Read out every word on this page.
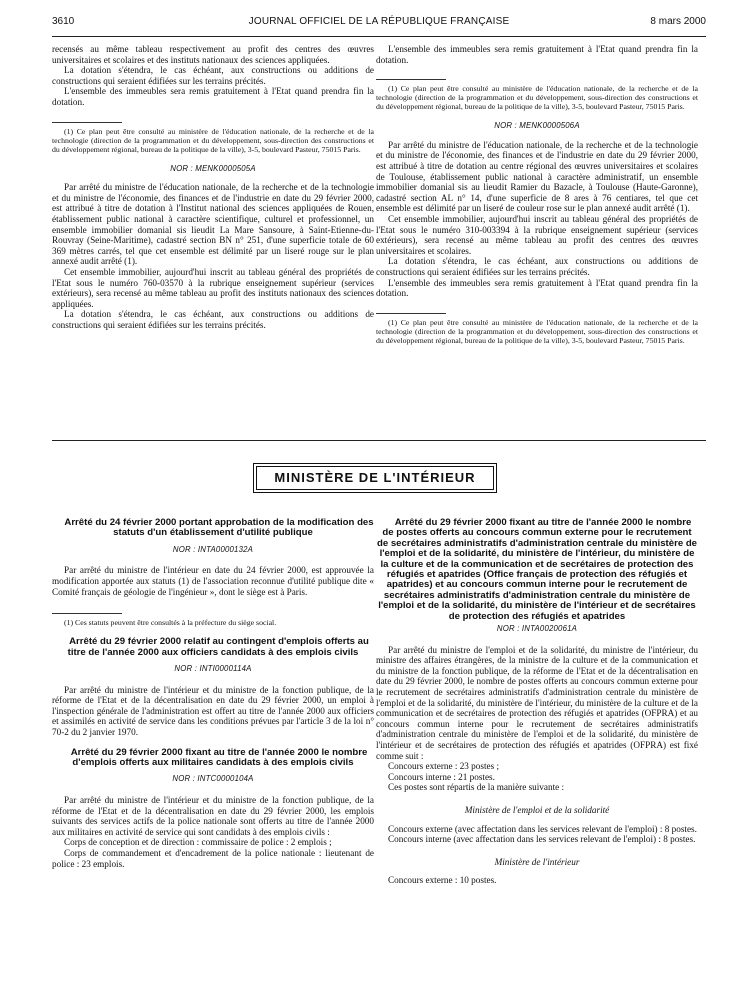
3610	JOURNAL OFFICIEL DE LA RÉPUBLIQUE FRANÇAISE	8 mars 2000

recensés au même tableau respectivement au profit des centres des œuvres universitaires et scolaires et des instituts nationaux des sciences appliquées.

La dotation s'étendra, le cas échéant, aux constructions ou additions de constructions qui seraient édifiées sur les terrains précités.

L'ensemble des immeubles sera remis gratuitement à l'Etat quand prendra fin la dotation.

(1) Ce plan peut être consulté au ministère de l'éducation nationale, de la recherche et de la technologie (direction de la programmation et du développement, sous-direction des constructions et du développement régional, bureau de la politique de la ville), 3-5, boulevard Pasteur, 75015 Paris.

NOR : MENK0000505A

Par arrêté du ministre de l'éducation nationale, de la recherche et de la technologie et du ministre de l'économie, des finances et de l'industrie en date du 29 février 2000, est attribué à titre de dotation à l'Institut national des sciences appliquées de Rouen, établissement public national à caractère scientifique, culturel et professionnel, un ensemble immobilier domanial sis lieudit La Mare Sansoure, à Saint-Etienne-du-Rouvray (Seine-Maritime), cadastré section BN n° 251, d'une superficie totale de 60 369 mètres carrés, tel que cet ensemble est délimité par un liseré rouge sur le plan annexé audit arrêté (1).

Cet ensemble immobilier, aujourd'hui inscrit au tableau général des propriétés de l'Etat sous le numéro 760-03570 à la rubrique enseignement supérieur (services extérieurs), sera recensé au même tableau au profit des instituts nationaux des sciences appliquées.

La dotation s'étendra, le cas échéant, aux constructions ou additions de constructions qui seraient édifiées sur les terrains précités.

L'ensemble des immeubles sera remis gratuitement à l'Etat quand prendra fin la dotation.

(1) Ce plan peut être consulté au ministère de l'éducation nationale, de la recherche et de la technologie (direction de la programmation et du développement, sous-direction des constructions et du développement régional, bureau de la politique de la ville), 3-5, boulevard Pasteur, 75015 Paris.

NOR : MENK0000506A

Par arrêté du ministre de l'éducation nationale, de la recherche et de la technologie et du ministre de l'économie, des finances et de l'industrie en date du 29 février 2000, est attribué à titre de dotation au centre régional des œuvres universitaires et scolaires de Toulouse, établissement public national à caractère administratif, un ensemble immobilier domanial sis au lieudit Ramier du Bazacle, à Toulouse (Haute-Garonne), cadastré section AL n° 14, d'une superficie de 8 ares à 76 centiares, tel que cet ensemble est délimité par un liseré de couleur rose sur le plan annexé audit arrêté (1).

Cet ensemble immobilier, aujourd'hui inscrit au tableau général des propriétés de l'Etat sous le numéro 310-003394 à la rubrique enseignement supérieur (services extérieurs), sera recensé au même tableau au profit des centres des œuvres universitaires et scolaires.

La dotation s'étendra, le cas échéant, aux constructions ou additions de constructions qui seraient édifiées sur les terrains précités.

L'ensemble des immeubles sera remis gratuitement à l'Etat quand prendra fin la dotation.

(1) Ce plan peut être consulté au ministère de l'éducation nationale, de la recherche et de la technologie (direction de la programmation et du développement, sous-direction des constructions et du développement régional, bureau de la politique de la ville), 3-5, boulevard Pasteur, 75015 Paris.

MINISTÈRE DE L'INTÉRIEUR

Arrêté du 24 février 2000 portant approbation de la modification des statuts d'un établissement d'utilité publique

NOR : INTA0000132A

Par arrêté du ministre de l'intérieur en date du 24 février 2000, est approuvée la modification apportée aux statuts (1) de l'association reconnue d'utilité publique dite « Comité français de géologie de l'ingénieur », dont le siège est à Paris.

(1) Ces statuts peuvent être consultés à la préfecture du siège social.

Arrêté du 29 février 2000 relatif au contingent d'emplois offerts au titre de l'année 2000 aux officiers candidats à des emplois civils

NOR : INTI0000114A

Par arrêté du ministre de l'intérieur et du ministre de la fonction publique, de la réforme de l'Etat et de la décentralisation en date du 29 février 2000, un emploi à l'inspection générale de l'administration est offert au titre de l'année 2000 aux officiers et assimilés en activité de service dans les conditions prévues par l'article 3 de la loi n° 70-2 du 2 janvier 1970.

Arrêté du 29 février 2000 fixant au titre de l'année 2000 le nombre d'emplois offerts aux militaires candidats à des emplois civils

NOR : INTC0000104A

Par arrêté du ministre de l'intérieur et du ministre de la fonction publique, de la réforme de l'Etat et de la décentralisation en date du 29 février 2000, les emplois suivants des services actifs de la police nationale sont offerts au titre de l'année 2000 aux militaires en activité de service qui sont candidats à des emplois civils :

Corps de conception et de direction : commissaire de police : 2 emplois ;

Corps de commandement et d'encadrement de la police nationale : lieutenant de police : 23 emplois.

Arrêté du 29 février 2000 fixant au titre de l'année 2000 le nombre de postes offerts au concours commun externe pour le recrutement de secrétaires administratifs d'administration centrale du ministère de l'emploi et de la solidarité, du ministère de l'intérieur, du ministère de la culture et de la communication et de secrétaires de protection des réfugiés et apatrides (Office français de protection des réfugiés et apatrides) et au concours commun interne pour le recrutement de secrétaires administratifs d'administration centrale du ministère de l'emploi et de la solidarité, du ministère de l'intérieur et de secrétaires de protection des réfugiés et apatrides

NOR : INTA0020061A

Par arrêté du ministre de l'emploi et de la solidarité, du ministre de l'intérieur, du ministre des affaires étrangères, de la ministre de la culture et de la communication et du ministre de la fonction publique, de la réforme de l'Etat et de la décentralisation en date du 29 février 2000, le nombre de postes offerts au concours commun externe pour le recrutement de secrétaires administratifs d'administration centrale du ministère de l'emploi et de la solidarité, du ministère de l'intérieur, du ministère de la culture et de la communication et de secrétaires de protection des réfugiés et apatrides (OFPRA) et au concours commun interne pour le recrutement de secrétaires administratifs d'administration centrale du ministère de l'emploi et de la solidarité, du ministère de l'intérieur et de secrétaires de protection des réfugiés et apatrides (OFPRA) est fixé comme suit :

Concours externe : 23 postes ;

Concours interne : 21 postes.

Ces postes sont répartis de la manière suivante :

Ministère de l'emploi et de la solidarité

Concours externe (avec affectation dans les services relevant de l'emploi) : 8 postes.

Concours interne (avec affectation dans les services relevant de l'emploi) : 8 postes.

Ministère de l'intérieur

Concours externe : 10 postes.
